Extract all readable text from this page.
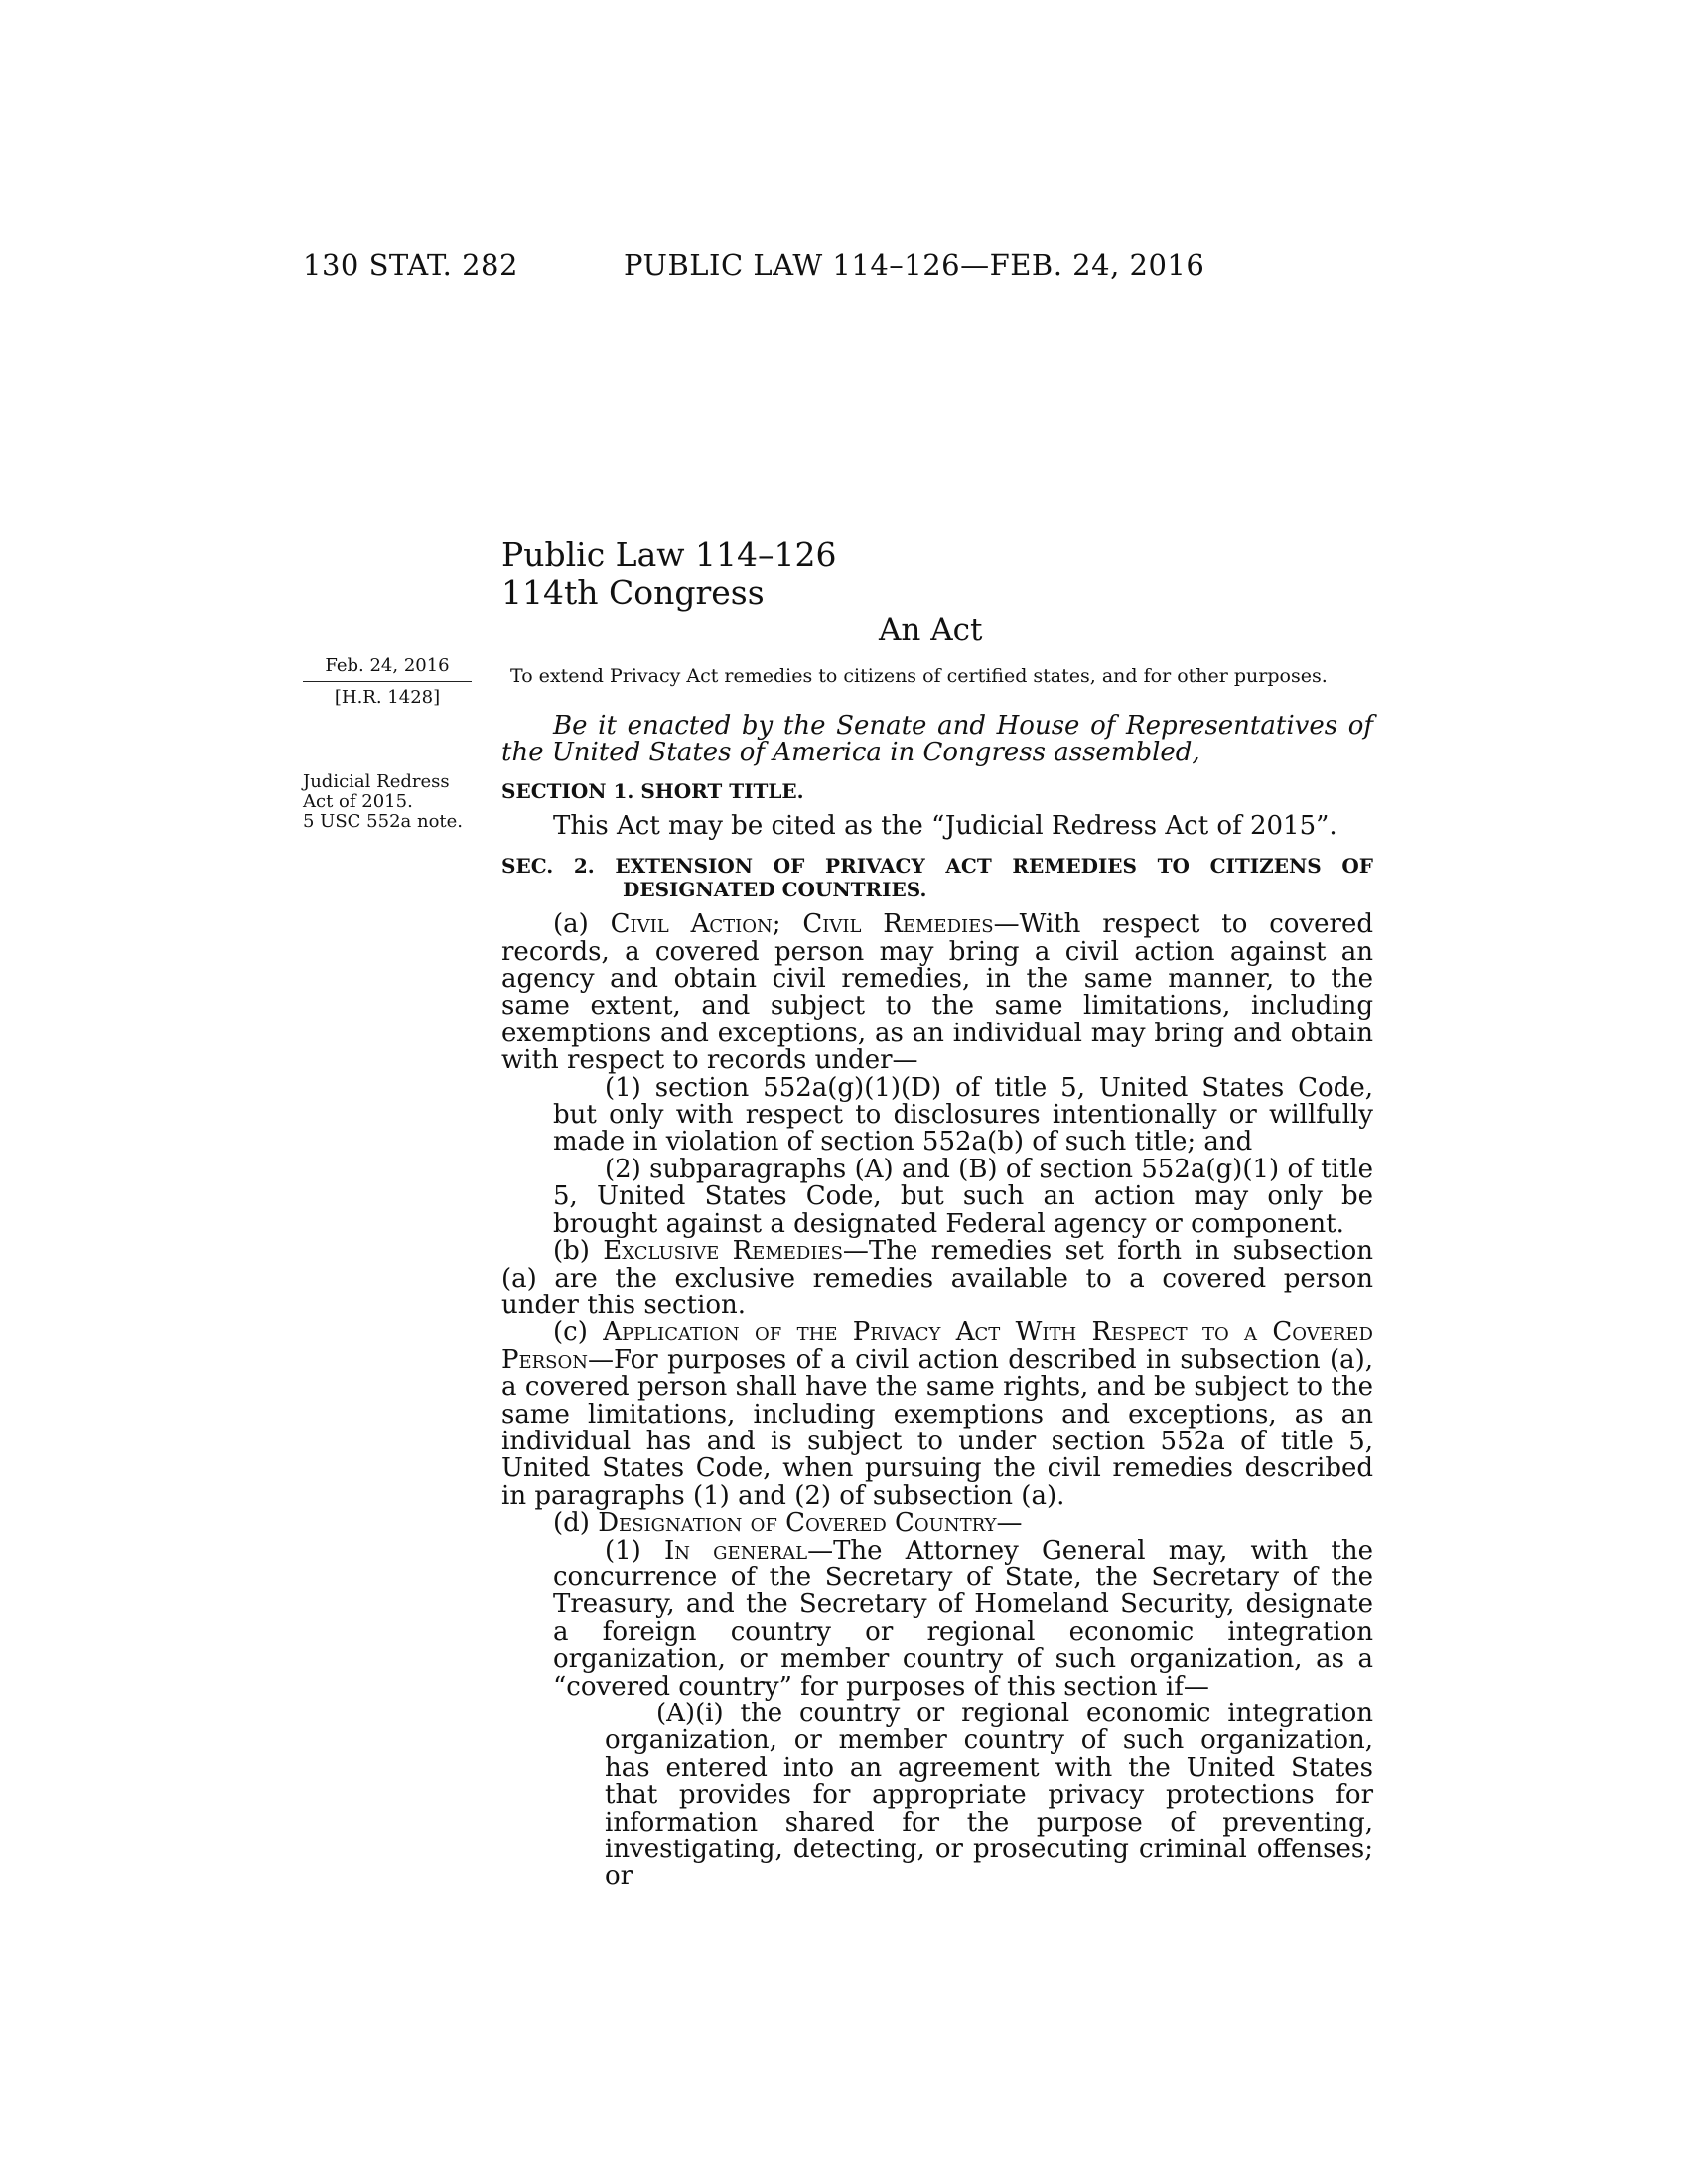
130 STAT. 282	PUBLIC LAW 114–126—FEB. 24, 2016
Public Law 114–126
114th Congress
An Act
Feb. 24, 2016
[H.R. 1428]
Judicial Redress
Act of 2015.
5 USC 552a note.
To extend Privacy Act remedies to citizens of certified states, and for other purposes.

Be it enacted by the Senate and House of Representatives of the United States of America in Congress assembled,

SECTION 1. SHORT TITLE.

This Act may be cited as the “Judicial Redress Act of 2015”.

SEC. 2. EXTENSION OF PRIVACY ACT REMEDIES TO CITIZENS OF DESIGNATED COUNTRIES.

(a) Civil Action; Civil Remedies—With respect to covered records, a covered person may bring a civil action against an agency and obtain civil remedies, in the same manner, to the same extent, and subject to the same limitations, including exemptions and exceptions, as an individual may bring and obtain with respect to records under—

(1) section 552a(g)(1)(D) of title 5, United States Code, but only with respect to disclosures intentionally or willfully made in violation of section 552a(b) of such title; and

(2) subparagraphs (A) and (B) of section 552a(g)(1) of title 5, United States Code, but such an action may only be brought against a designated Federal agency or component.

(b) Exclusive Remedies—The remedies set forth in subsection (a) are the exclusive remedies available to a covered person under this section.

(c) Application of the Privacy Act With Respect to a Covered Person—For purposes of a civil action described in subsection (a), a covered person shall have the same rights, and be subject to the same limitations, including exemptions and exceptions, as an individual has and is subject to under section 552a of title 5, United States Code, when pursuing the civil remedies described in paragraphs (1) and (2) of subsection (a).

(d) Designation of Covered Country—

(1) In general—The Attorney General may, with the concurrence of the Secretary of State, the Secretary of the Treasury, and the Secretary of Homeland Security, designate a foreign country or regional economic integration organization, or member country of such organization, as a “covered country” for purposes of this section if—

(A)(i) the country or regional economic integration organization, or member country of such organization, has entered into an agreement with the United States that provides for appropriate privacy protections for information shared for the purpose of preventing, investigating, detecting, or prosecuting criminal offenses; or
